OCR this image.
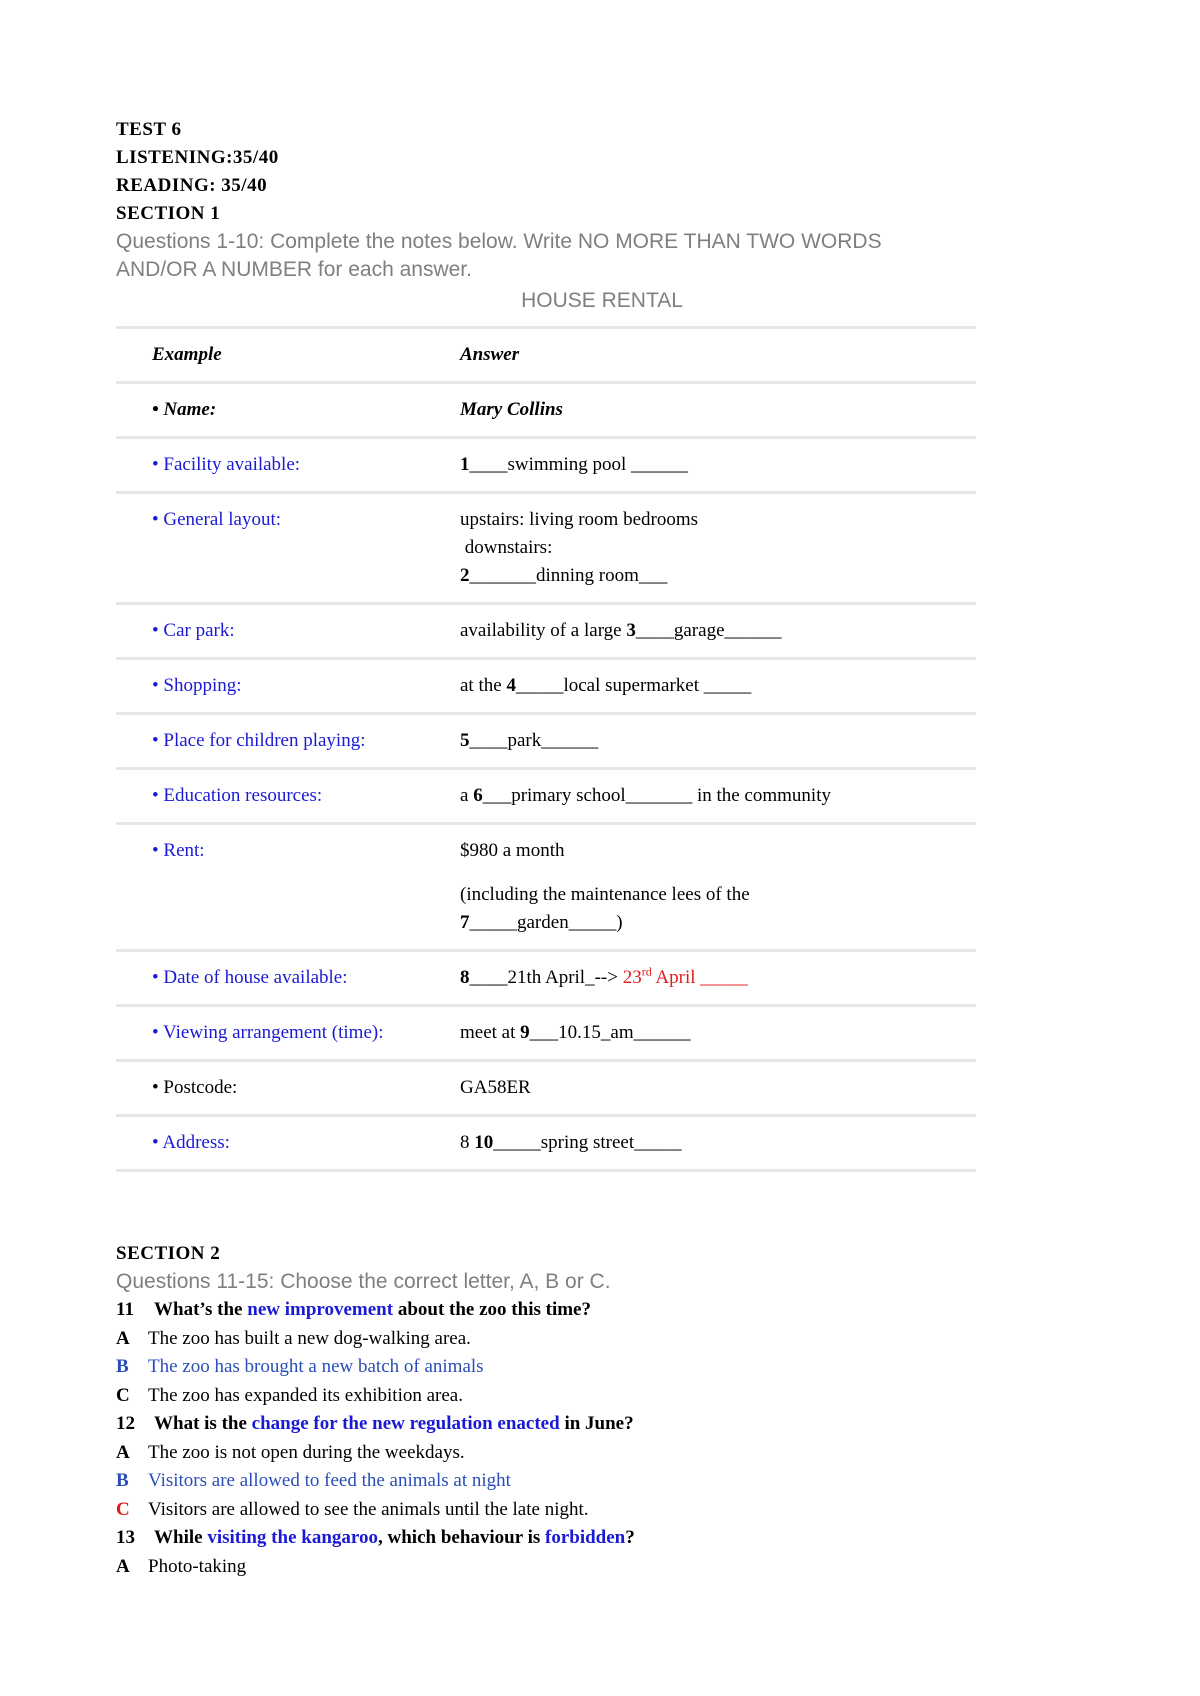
TEST 6
LISTENING:35/40
READING: 35/40
SECTION 1
Questions 1-10: Complete the notes below. Write NO MORE THAN TWO WORDS
AND/OR A NUMBER for each answer.
HOUSE RENTAL
Example	Answer
• Name:	Mary Collins
• Facility available:	1____swimming pool ______
• General layout:	upstairs: living room bedrooms
downstairs:
2_______dinning room___

• Car park:	availability of a large 3____garage______
• Shopping:	at the 4_____local supermarket _____
• Place for children playing:	5____park______
• Education resources:	a 6___primary school_______ in the community
• Rent:	$980 a month
(including the maintenance lees of the
7_____garden_____)

• Date of house available:	8____21th April_--> 23rd April _____
• Viewing arrangement (time):	meet at 9___10.15_am______
• Postcode:	GA58ER
• Address:	8 10_____spring street_____
SECTION 2
Questions 11-15: Choose the correct letter, A, B or C.
11 What’s the new improvement about the zoo this time?
A The zoo has built a new dog-walking area.
B The zoo has brought a new batch of animals
C The zoo has expanded its exhibition area.
12 What is the change for the new regulation enacted in June?
A The zoo is not open during the weekdays.
B Visitors are allowed to feed the animals at night
C Visitors are allowed to see the animals until the late night.
13 While visiting the kangaroo, which behaviour is forbidden?
A Photo-taking
